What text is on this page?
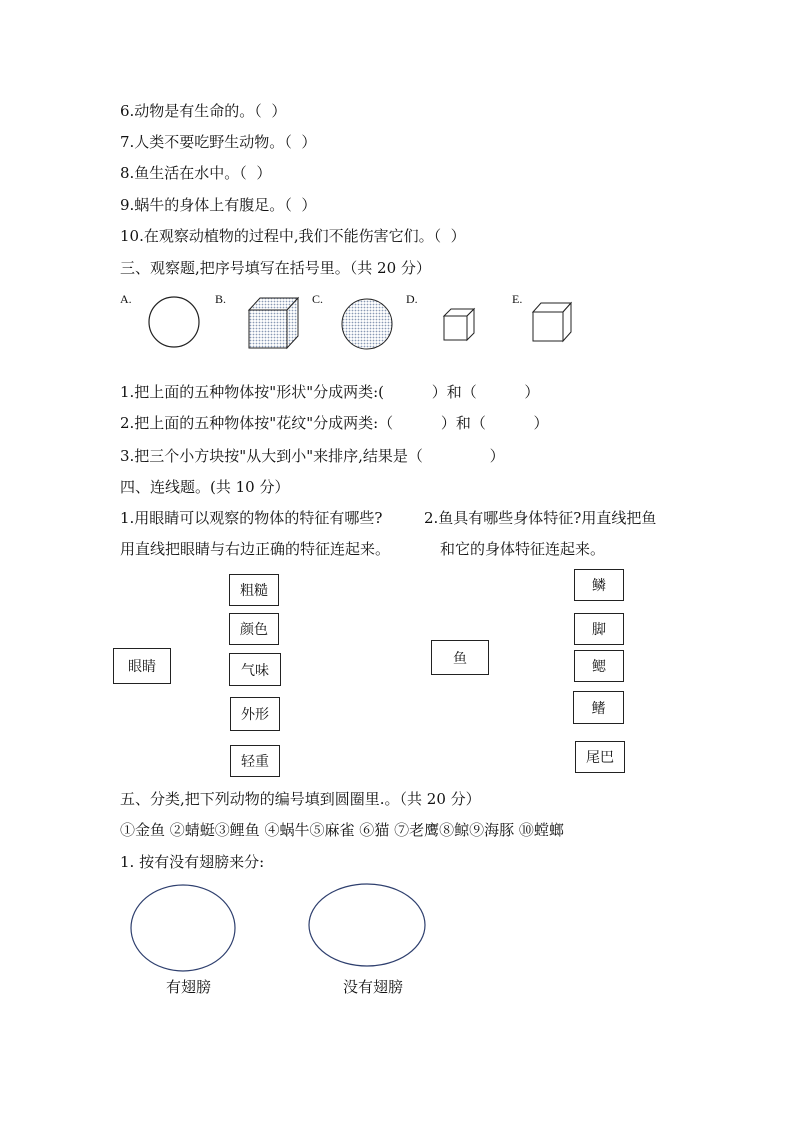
6.动物是有生命的。（  ）
7.人类不要吃野生动物。（  ）
8.鱼生活在水中。（  ）
9.蜗牛的身体上有腹足。（  ）
10.在观察动植物的过程中,我们不能伤害它们。（  ）
三、观察题,把序号填写在括号里。（共 20 分）
A.	B.	C.	D.	E.
1.把上面的五种物体按"形状"分成两类:(          ）和（          ）
2.把上面的五种物体按"花纹"分成两类:（          ）和（          ）
3.把三个小方块按"从大到小"来排序,结果是（              ）
四、连线题。(共 10 分）
1.用眼睛可以观察的物体的特征有哪些?
用直线把眼睛与右边正确的特征连起来。
2.鱼具有哪些身体特征?用直线把鱼
和它的身体特征连起来。
眼睛
粗糙
颜色
气味
外形
轻重
鱼
鳞
脚
鳃
鳍
尾巴
五、分类,把下列动物的编号填到圆圈里.。（共 20 分）
①金鱼 ②蜻蜓③鲤鱼 ④蜗牛⑤麻雀 ⑥猫 ⑦老鹰⑧鲸⑨海豚 ⑩螳螂
1. 按有没有翅膀来分:
有翅膀	没有翅膀
